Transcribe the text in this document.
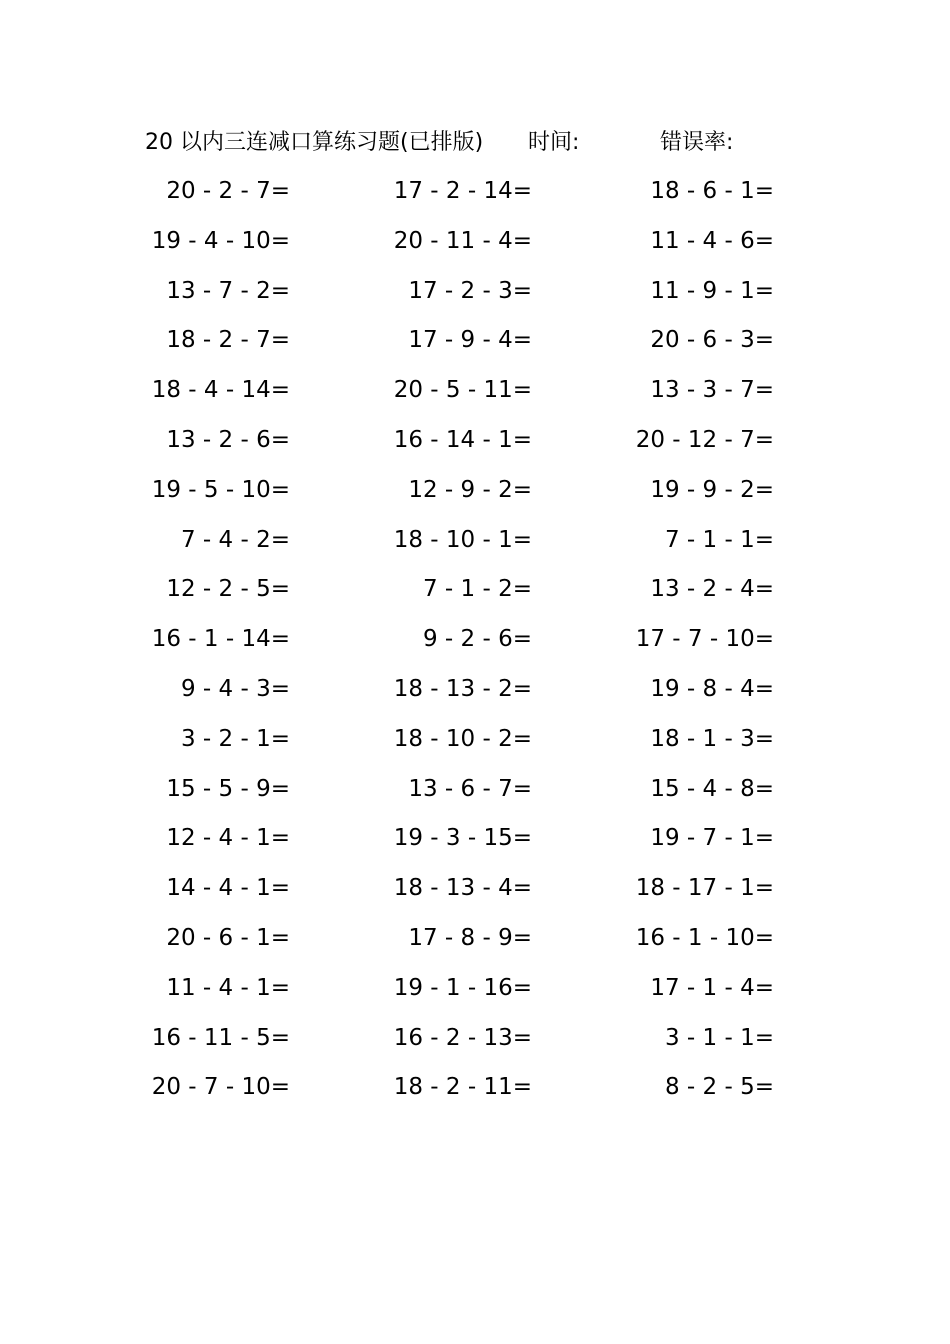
20 以内三连减口算练习题(已排版) 时间:	错误率:
20 - 2 - 7=
19 - 4 - 10=
13 - 7 - 2=
18 - 2 - 7=
18 - 4 - 14=
13 - 2 - 6=
19 - 5 - 10=
7 - 4 - 2=
12 - 2 - 5=
16 - 1 - 14=
9 - 4 - 3=
3 - 2 - 1=
15 - 5 - 9=
12 - 4 - 1=
14 - 4 - 1=
20 - 6 - 1=
11 - 4 - 1=
16 - 11 - 5=
20 - 7 - 10=
17 - 2 - 14=
20 - 11 - 4=
17 - 2 - 3=
17 - 9 - 4=
20 - 5 - 11=
16 - 14 - 1=
12 - 9 - 2=
18 - 10 - 1=
7 - 1 - 2=
9 - 2 - 6=
18 - 13 - 2=
18 - 10 - 2=
13 - 6 - 7=
19 - 3 - 15=
18 - 13 - 4=
17 - 8 - 9=
19 - 1 - 16=
16 - 2 - 13=
18 - 2 - 11=
18 - 6 - 1=
11 - 4 - 6=
11 - 9 - 1=
20 - 6 - 3=
13 - 3 - 7=
20 - 12 - 7=
19 - 9 - 2=
7 - 1 - 1=
13 - 2 - 4=
17 - 7 - 10=
19 - 8 - 4=
18 - 1 - 3=
15 - 4 - 8=
19 - 7 - 1=
18 - 17 - 1=
16 - 1 - 10=
17 - 1 - 4=
3 - 1 - 1=
8 - 2 - 5=
